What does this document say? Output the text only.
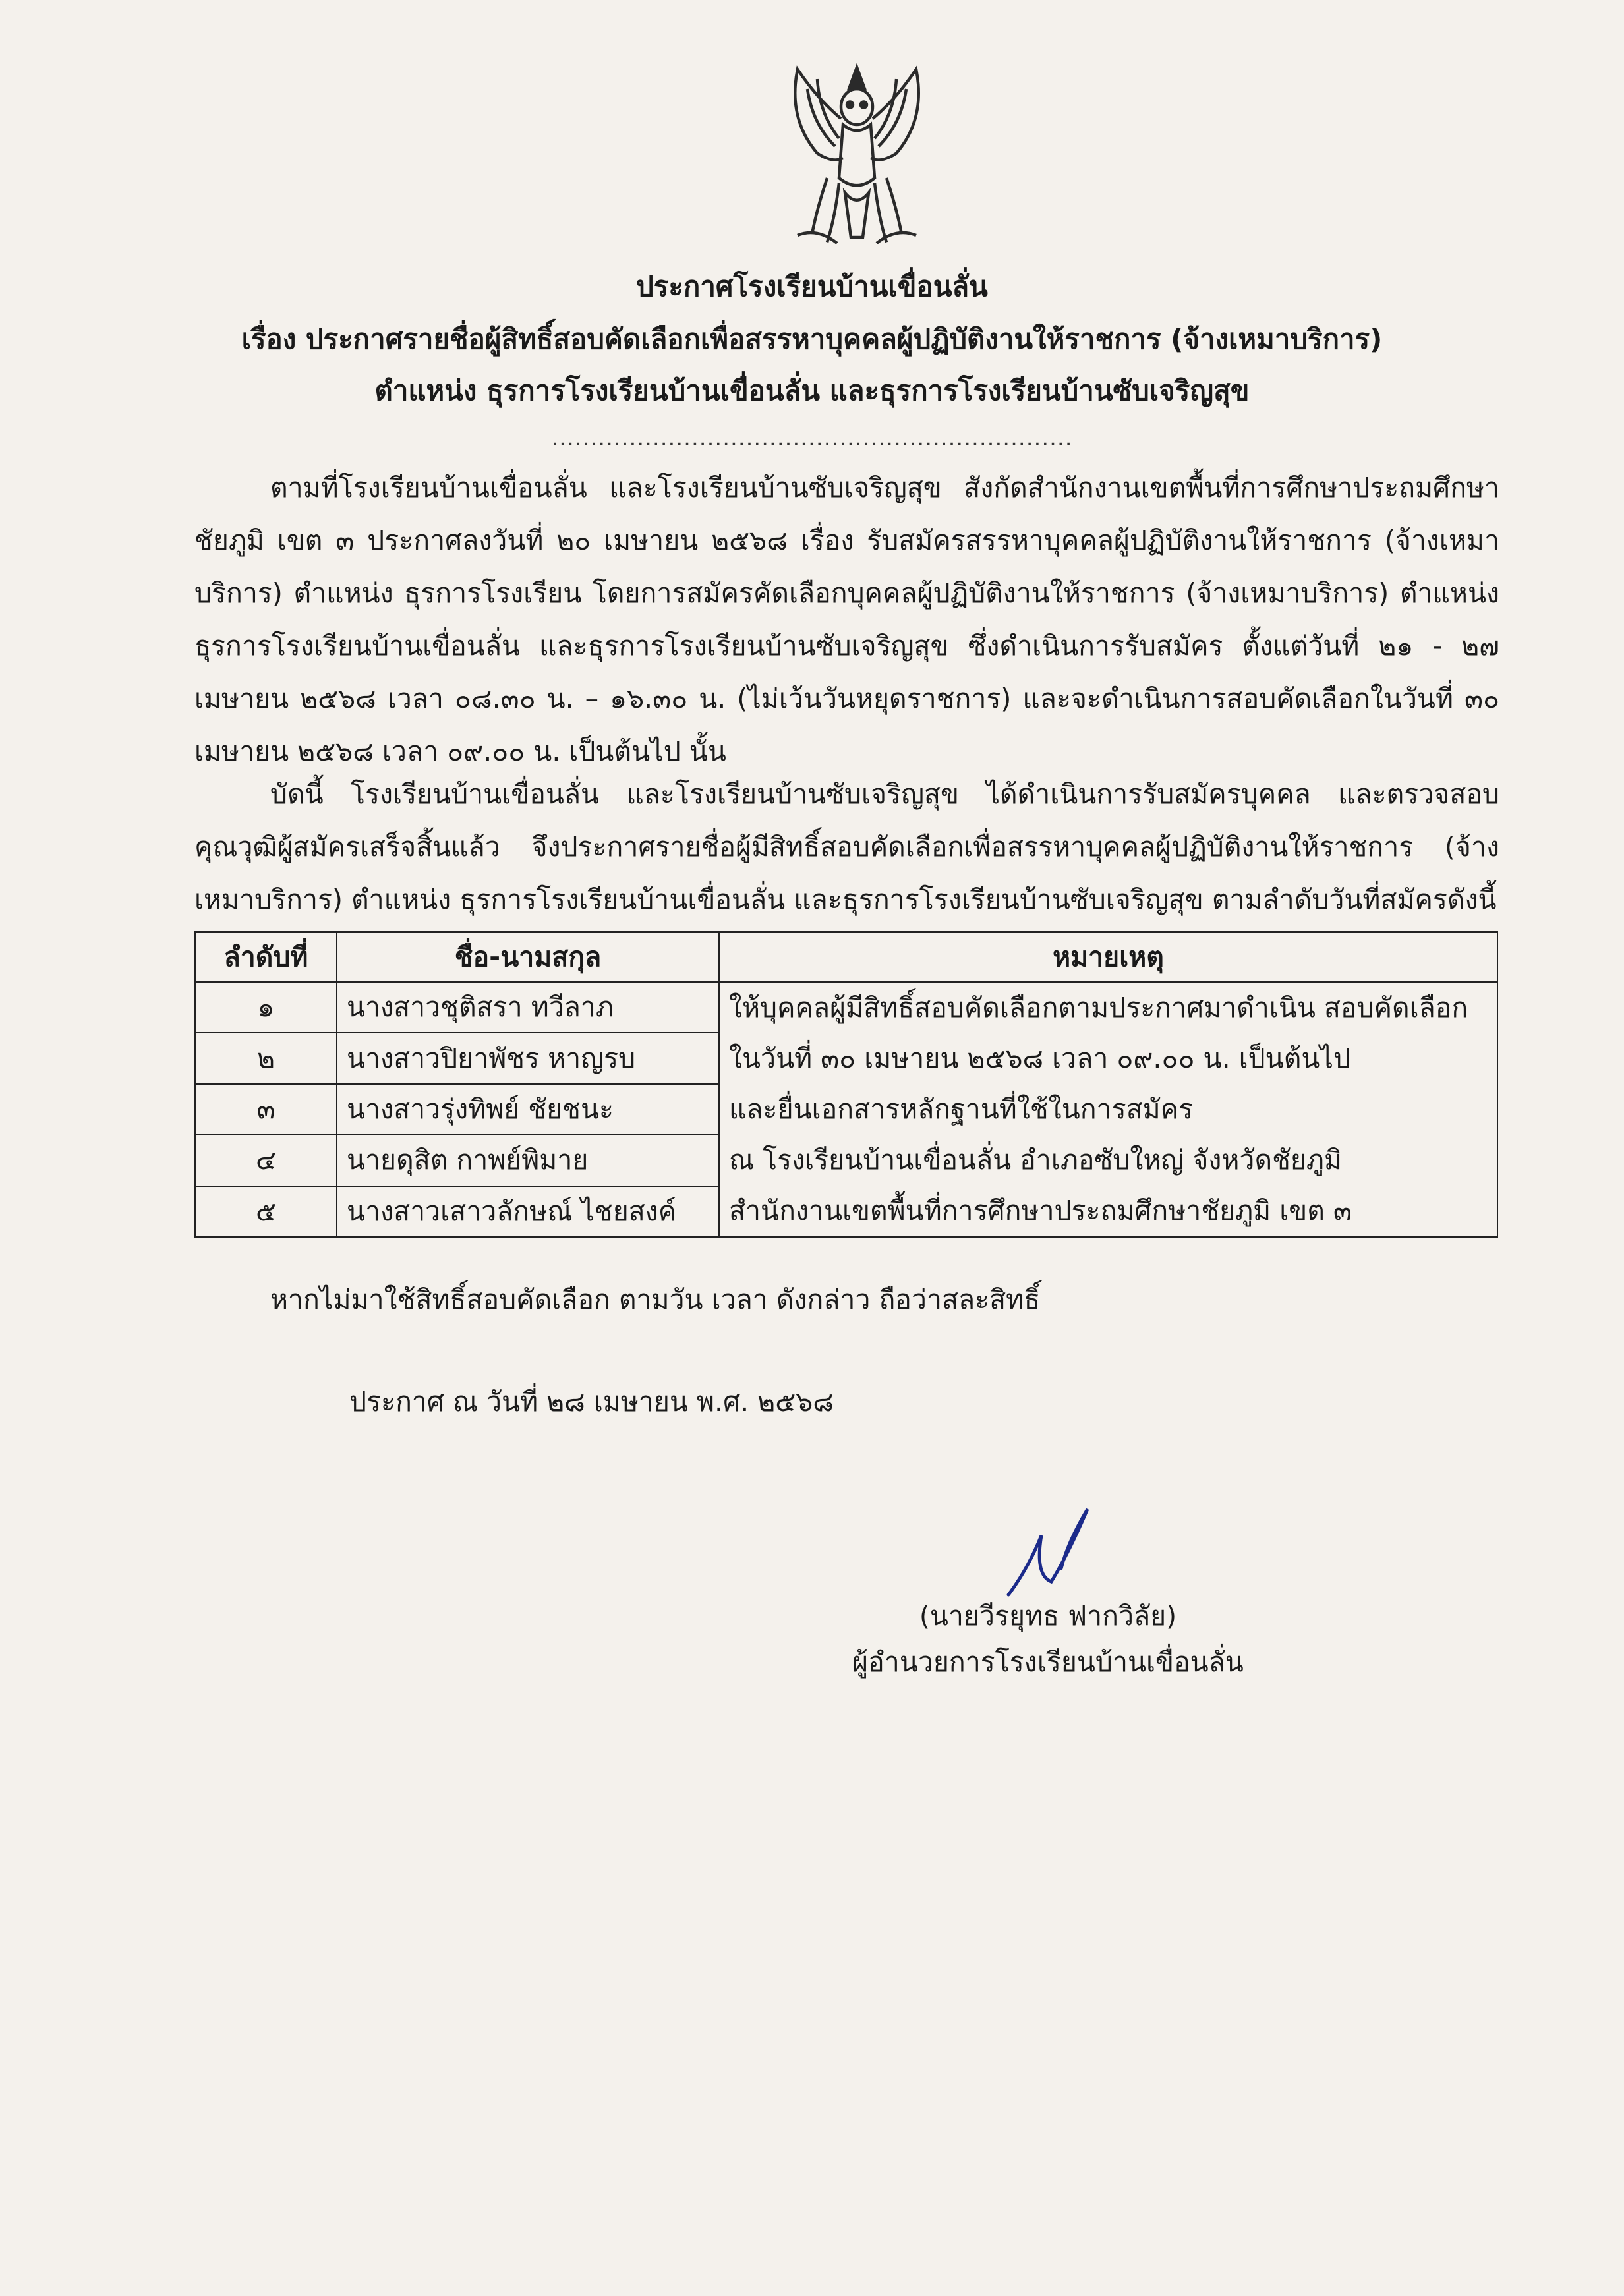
ประกาศโรงเรียนบ้านเขื่อนลั่น
เรื่อง ประกาศรายชื่อผู้สิทธิ์สอบคัดเลือกเพื่อสรรหาบุคคลผู้ปฏิบัติงานให้ราชการ (จ้างเหมาบริการ)
ตำแหน่ง ธุรการโรงเรียนบ้านเขื่อนลั่น และธุรการโรงเรียนบ้านซับเจริญสุข
...................................................................
ตามที่โรงเรียนบ้านเขื่อนลั่น และโรงเรียนบ้านซับเจริญสุข สังกัดสำนักงานเขตพื้นที่การศึกษาประถมศึกษาชัยภูมิ เขต ๓ ประกาศลงวันที่ ๒๐ เมษายน ๒๕๖๘ เรื่อง รับสมัครสรรหาบุคคลผู้ปฏิบัติงานให้ราชการ (จ้างเหมาบริการ) ตำแหน่ง ธุรการโรงเรียน โดยการสมัครคัดเลือกบุคคลผู้ปฏิบัติงานให้ราชการ (จ้างเหมาบริการ) ตำแหน่ง ธุรการโรงเรียนบ้านเขื่อนลั่น และธุรการโรงเรียนบ้านซับเจริญสุข ซึ่งดำเนินการรับสมัคร ตั้งแต่วันที่ ๒๑ - ๒๗ เมษายน ๒๕๖๘ เวลา ๐๘.๓๐ น. – ๑๖.๓๐ น. (ไม่เว้นวันหยุดราชการ) และจะดำเนินการสอบคัดเลือกในวันที่ ๓๐ เมษายน ๒๕๖๘ เวลา ๐๙.๐๐ น. เป็นต้นไป นั้น
บัดนี้ โรงเรียนบ้านเขื่อนลั่น และโรงเรียนบ้านซับเจริญสุข ได้ดำเนินการรับสมัครบุคคล และตรวจสอบคุณวุฒิผู้สมัครเสร็จสิ้นแล้ว จึงประกาศรายชื่อผู้มีสิทธิ์สอบคัดเลือกเพื่อสรรหาบุคคลผู้ปฏิบัติงานให้ราชการ (จ้างเหมาบริการ) ตำแหน่ง ธุรการโรงเรียนบ้านเขื่อนลั่น และธุรการโรงเรียนบ้านซับเจริญสุข ตามลำดับวันที่สมัครดังนี้
ลำดับที่	ชื่อ-นามสกุล	หมายเหตุ
๑	นางสาวชุติสรา ทวีลาภ	ให้บุคคลผู้มีสิทธิ์สอบคัดเลือกตามประกาศมาดำเนิน สอบคัดเลือก
ในวันที่ ๓๐ เมษายน ๒๕๖๘ เวลา ๐๙.๐๐ น. เป็นต้นไป
และยื่นเอกสารหลักฐานที่ใช้ในการสมัคร
ณ โรงเรียนบ้านเขื่อนลั่น อำเภอซับใหญ่ จังหวัดชัยภูมิ
สำนักงานเขตพื้นที่การศึกษาประถมศึกษาชัยภูมิ เขต ๓

๒	นางสาวปิยาพัชร หาญรบ	
๓	นางสาวรุ่งทิพย์ ชัยชนะ	
๔	นายดุสิต กาพย์พิมาย	
๕	นางสาวเสาวลักษณ์ ไชยสงค์	
หากไม่มาใช้สิทธิ์สอบคัดเลือก ตามวัน เวลา ดังกล่าว ถือว่าสละสิทธิ์
ประกาศ ณ วันที่ ๒๘ เมษายน พ.ศ. ๒๕๖๘
(นายวีรยุทธ ฟากวิลัย)
ผู้อำนวยการโรงเรียนบ้านเขื่อนลั่น
